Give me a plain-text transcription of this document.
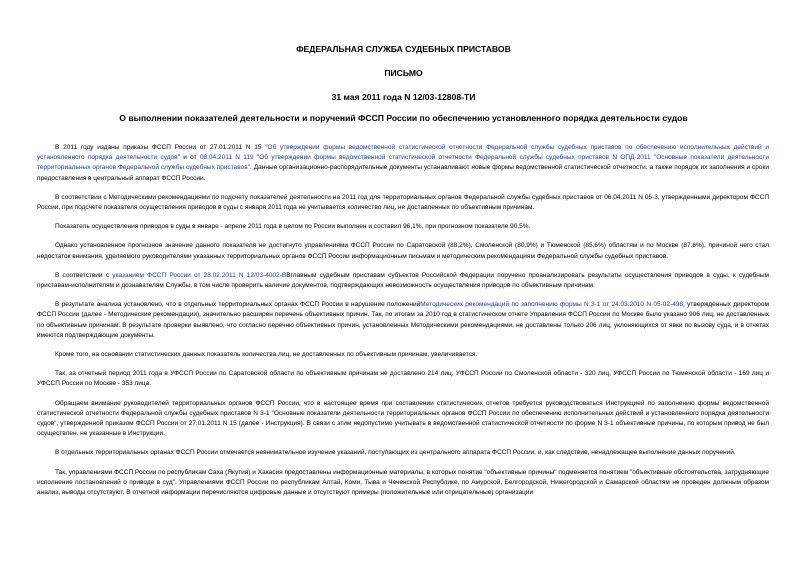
ФЕДЕРАЛЬНАЯ СЛУЖБА СУДЕБНЫХ ПРИСТАВОВ
ПИСЬМО
31 мая 2011 года N 12/03-12808-ТИ
О выполнении показателей деятельности и поручений ФССП России по обеспечению установленного порядка деятельности судов

В 2011 году изданы приказы ФССП России от 27.01.2011 N 15 "Об утверждении формы ведомственной статистической отчетности Федеральной службы судебных приставов по обеспечению исполнительных действий и установленного порядка деятельности судов" и от 08.04.2011 N 119 "Об утверждении формы ведомственной статистической отчетности Федеральной службы судебных приставов N ОПД-2011 "Основные показатели деятельности территориальных органов Федеральной службы судебных приставов". Данные организационно-распорядительные документы устанавливают новые формы ведомственной статистической отчетности, а также порядок их заполнения и сроки предоставления в центральный аппарат ФССП России.

В соответствии с Методическими рекомендациями по подсчету показателей деятельности на 2011 год для территориальных органов Федеральной службы судебных приставов от 06.04.2011 N 05-3, утвержденными директором ФССП России, при подсчете показателя осуществления приводов в суды с января 2011 года не учитывается количество лиц, не доставленных по объективным причинам.

Показатель осуществления приводов в суды в январе - апреле 2011 года в целом по России выполнен и составил 96,1%, при прогнозном показателе 90,5%.

Однако установленное прогнозное значение данного показателя не достигнуто управлениями ФССП России по Саратовской (88,2%), Смоленской (80,9%) и Тюменской (85,6%) областям и по Москве (87,6%), причиной чего стал недостаток внимания, уделяемого руководителями указанных территориальных органов ФССП России информационным письмам и методическим рекомендациям Федеральной службы судебных приставов.

В соответствии с указанием ФССП России от 28.02.2011 N 12/03-4002-ВВглавным судебным приставам субъектов Российской Федерации поручено проанализировать результаты осуществления приводов в суды, к судебным приставам-исполнителям и дознавателям Службы, в том числе проверить наличие документов, подтверждающих невозможность осуществления приводов по объективным причинам.

В результате анализа установлено, что в отдельных территориальных органах ФССП России в нарушение положенийМетодических рекомендаций по заполнению формы N 3-1 от 24.03.2010 N 05-02-498, утвержденных директором ФССП России (далее - Методические рекомендации), значительно расширен перечень объективных причин. Так, по итогам за 2010 год в статистическом отчете Управления ФССП России по Москве было указано 906 лиц, не доставленных по объективным причинам. В результате проверки выявлено, что согласно перечню объективных причин, установленных Методическими рекомендациями, не доставлены только 206 лиц, уклоняющихся от явки по вызову суда, и в отчетах имеются подтверждающие документы.

Кроме того, на основании статистических данных показатель количества лиц, не доставленных по объективным причинам, увеличивается.

Так, за отчетный период 2011 года в УФССП России по Саратовской области по объективным причинам не доставлено 214 лиц, УФССП России по Смоленской области - 320 лиц, УФССП России по Тюменской области - 169 лиц и УФССП России по Москве - 353 лица.

Обращаем внимание руководителей территориальных органов ФССП России, что в настоящее время при составлении статистических отчетов требуется руководствоваться Инструкцией по заполнению формы ведомственной статистической отчетности Федеральной службы судебных приставов N 3-1 "Основные показатели деятельности территориальных органов ФССП России по обеспечению исполнительных действий и установленного порядка деятельности судов", утвержденной приказом ФССП России от 27.01.2011 N 15 (далее - Инструкция). В связи с этим недопустимо учитывать в ведомственной статистической отчетности по форме N 3-1 объективные причины, по которым привод не был осуществлен, не указанные в Инструкции.

В отдельных территориальных органах ФССП России отмечается невнимательное изучение указаний, поступающих из центрального аппарата ФССП России, и, как следствие, ненадлежащее выполнение данных поручений.

Так, управлениями ФССП России по республикам Саха (Якутия) и Хакасия предоставлены информационные материалы, в которых понятие "объективные причины" подменяется понятием "объективные обстоятельства, затрудняющие исполнение постановлений о приводе в суд". Управлениями ФССП России по республикам Алтай, Коми, Тыва и Чеченской Республике, по Амурской, Белгородской, Нижегородской и Самарской областям не проведен должным образом анализ, выводы отсутствуют. В отчетной информации перечисляются цифровые данные и отсутствуют примеры (положительные или отрицательные) организации
